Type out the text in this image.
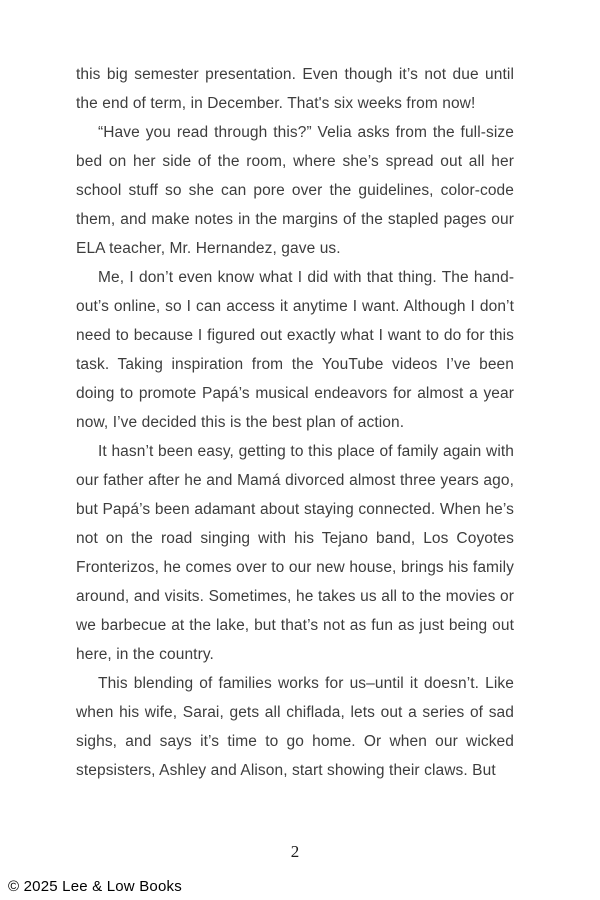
this big semester presentation. Even though it’s not due until the end of term, in December. That's six weeks from now!

“Have you read through this?” Velia asks from the full-size bed on her side of the room, where she’s spread out all her school stuff so she can pore over the guidelines, color-code them, and make notes in the margins of the stapled pages our ELA teacher, Mr. Hernandez, gave us.

Me, I don’t even know what I did with that thing. The handout’s online, so I can access it anytime I want. Although I don’t need to because I figured out exactly what I want to do for this task. Taking inspiration from the YouTube videos I’ve been doing to promote Papá’s musical endeavors for almost a year now, I’ve decided this is the best plan of action.

It hasn’t been easy, getting to this place of family again with our father after he and Mamá divorced almost three years ago, but Papá’s been adamant about staying connected. When he’s not on the road singing with his Tejano band, Los Coyotes Fronterizos, he comes over to our new house, brings his family around, and visits. Sometimes, he takes us all to the movies or we barbecue at the lake, but that’s not as fun as just being out here, in the country.

This blending of families works for us–until it doesn’t. Like when his wife, Sarai, gets all chiflada, lets out a series of sad sighs, and says it’s time to go home. Or when our wicked stepsisters, Ashley and Alison, start showing their claws. But

2
© 2025 Lee & Low Books
